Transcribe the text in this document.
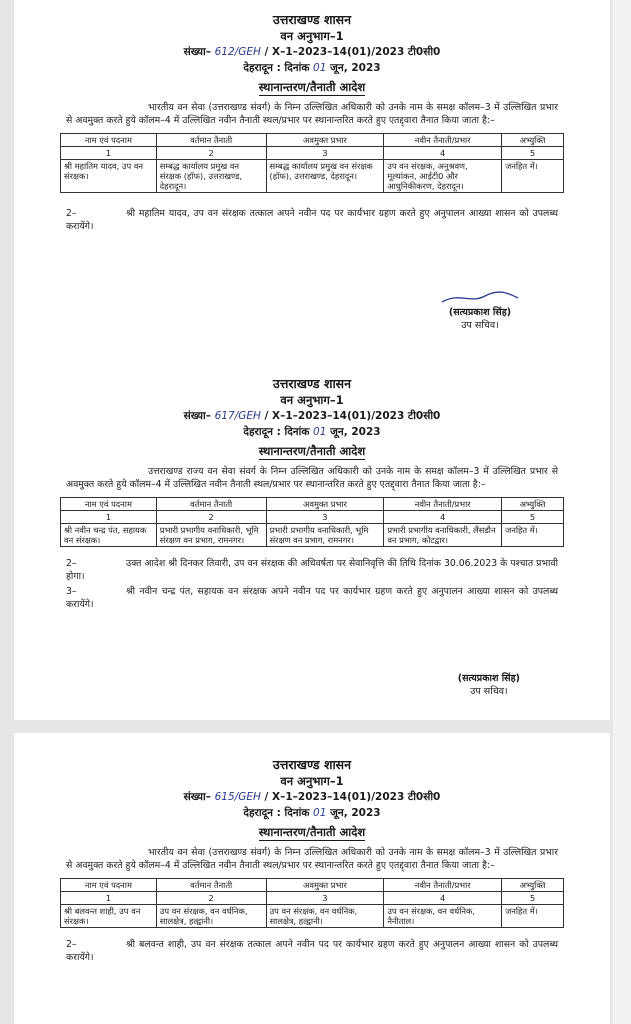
उत्तराखण्ड शासन
वन अनुभाग–1
संख्या– 612/GEH / X–1–2023–14(01)/2023 टी0सी0
देहरादून : दिनांक 01 जून, 2023
स्थानान्तरण/तैनाती आदेश
भारतीय वन सेवा (उत्तराखण्ड संवर्ग) के निम्न उल्लिखित अधिकारी को उनके नाम के समक्ष कॉलम–3 में उल्लिखित प्रभार से अवमुक्त करते हुये कॉलम–4 में उल्लिखित नवीन तैनाती स्थल/प्रभार पर स्थानान्तरित करते हुए एतद्द्वारा तैनात किया जाता है:–
नाम एवं पदनाम	वर्तमान तैनाती	अवमुक्त प्रभार	नवीन तैनाती/प्रभार	अभ्युक्ति
1	2	3	4	5
श्री महातिम यादव, उप वन संरक्षक।	सम्बद्ध कार्यालय प्रमुख वन संरक्षक (हॉफ), उत्तराखण्ड, देहरादून।	सम्बद्ध कार्यालय प्रमुख वन संरक्षक (हॉफ), उत्तराखण्ड, देहरादून।	उप वन संरक्षक, अनुश्रवण, मूल्यांकन, आईटी0 और आधुनिकीकरण, देहरादून।	जनहित में।
2–	श्री महातिम यादव, उप वन संरक्षक तत्काल अपने नवीन पद पर कार्यभार ग्रहण करते हुए अनुपालन आख्या शासन को उपलब्ध करायेंगे।
(सत्यप्रकाश सिंह)
उप सचिव।
उत्तराखण्ड शासन
वन अनुभाग–1
संख्या– 617/GEH / X–1–2023–14(01)/2023 टी0सी0
देहरादून : दिनांक 01 जून, 2023
स्थानान्तरण/तैनाती आदेश
उत्तराखण्ड राज्य वन सेवा संवर्ग के निम्न उल्लिखित अधिकारी को उनके नाम के समक्ष कॉलम–3 में उल्लिखित प्रभार से अवमुक्त करते हुये कॉलम–4 में उल्लिखित नवीन तैनाती स्थल/प्रभार पर स्थानान्तरित करते हुए एतद्द्वारा तैनात किया जाता है:–
नाम एवं पदनाम	वर्तमान तैनाती	अवमुक्त प्रभार	नवीन तैनाती/प्रभार	अभ्युक्ति
1	2	3	4	5
श्री नवीन चन्द्र पंत, सहायक वन संरक्षक।	प्रभारी प्रभागीय वनाधिकारी, भूमि संरक्षण वन प्रभाग, रामनगर।	प्रभारी प्रभागीय वनाधिकारी, भूमि संरक्षण वन प्रभाग, रामनगर।	प्रभारी प्रभागीय वनाधिकारी, लैंसडौन वन प्रभाग, कोटद्वार।	जनहित में।
2–	उक्त आदेश श्री दिनकर तिवारी, उप वन संरक्षक की अधिवर्षता पर सेवानिवृत्ति की तिथि दिनांक 30.06.2023 के पश्चात प्रभावी होगा।
3–	श्री नवीन चन्द्र पंत, सहायक वन संरक्षक अपने नवीन पद पर कार्यभार ग्रहण करते हुए अनुपालन आख्या शासन को उपलब्ध करायेंगे।
(सत्यप्रकाश सिंह)
उप सचिव।
उत्तराखण्ड शासन
वन अनुभाग–1
संख्या– 615/GEH / X–1–2023–14(01)/2023 टी0सी0
देहरादून : दिनांक 01 जून, 2023
स्थानान्तरण/तैनाती आदेश
भारतीय वन सेवा (उत्तराखण्ड संवर्ग) के निम्न उल्लिखित अधिकारी को उनके नाम के समक्ष कॉलम–3 में उल्लिखित प्रभार से अवमुक्त करते हुये कॉलम–4 में उल्लिखित नवीन तैनाती स्थल/प्रभार पर स्थानान्तरित करते हुए एतद्द्वारा तैनात किया जाता है:–
नाम एवं पदनाम	वर्तमान तैनाती	अवमुक्त प्रभार	नवीन तैनाती/प्रभार	अभ्युक्ति
1	2	3	4	5
श्री बलवन्त शाही, उप वन संरक्षक।	उप वन संरक्षक, वन वर्धनिक, सालक्षेत्र, हल्द्वानी।	उप वन संरक्षक, वन वर्धनिक, सालक्षेत्र, हल्द्वानी।	उप वन संरक्षक, वन वर्धनिक, नैनीताल।	जनहित में।
2–	श्री बलवन्त शाही, उप वन संरक्षक तत्काल अपने नवीन पद पर कार्यभार ग्रहण करते हुए अनुपालन आख्या शासन को उपलब्ध करायेंगे।
